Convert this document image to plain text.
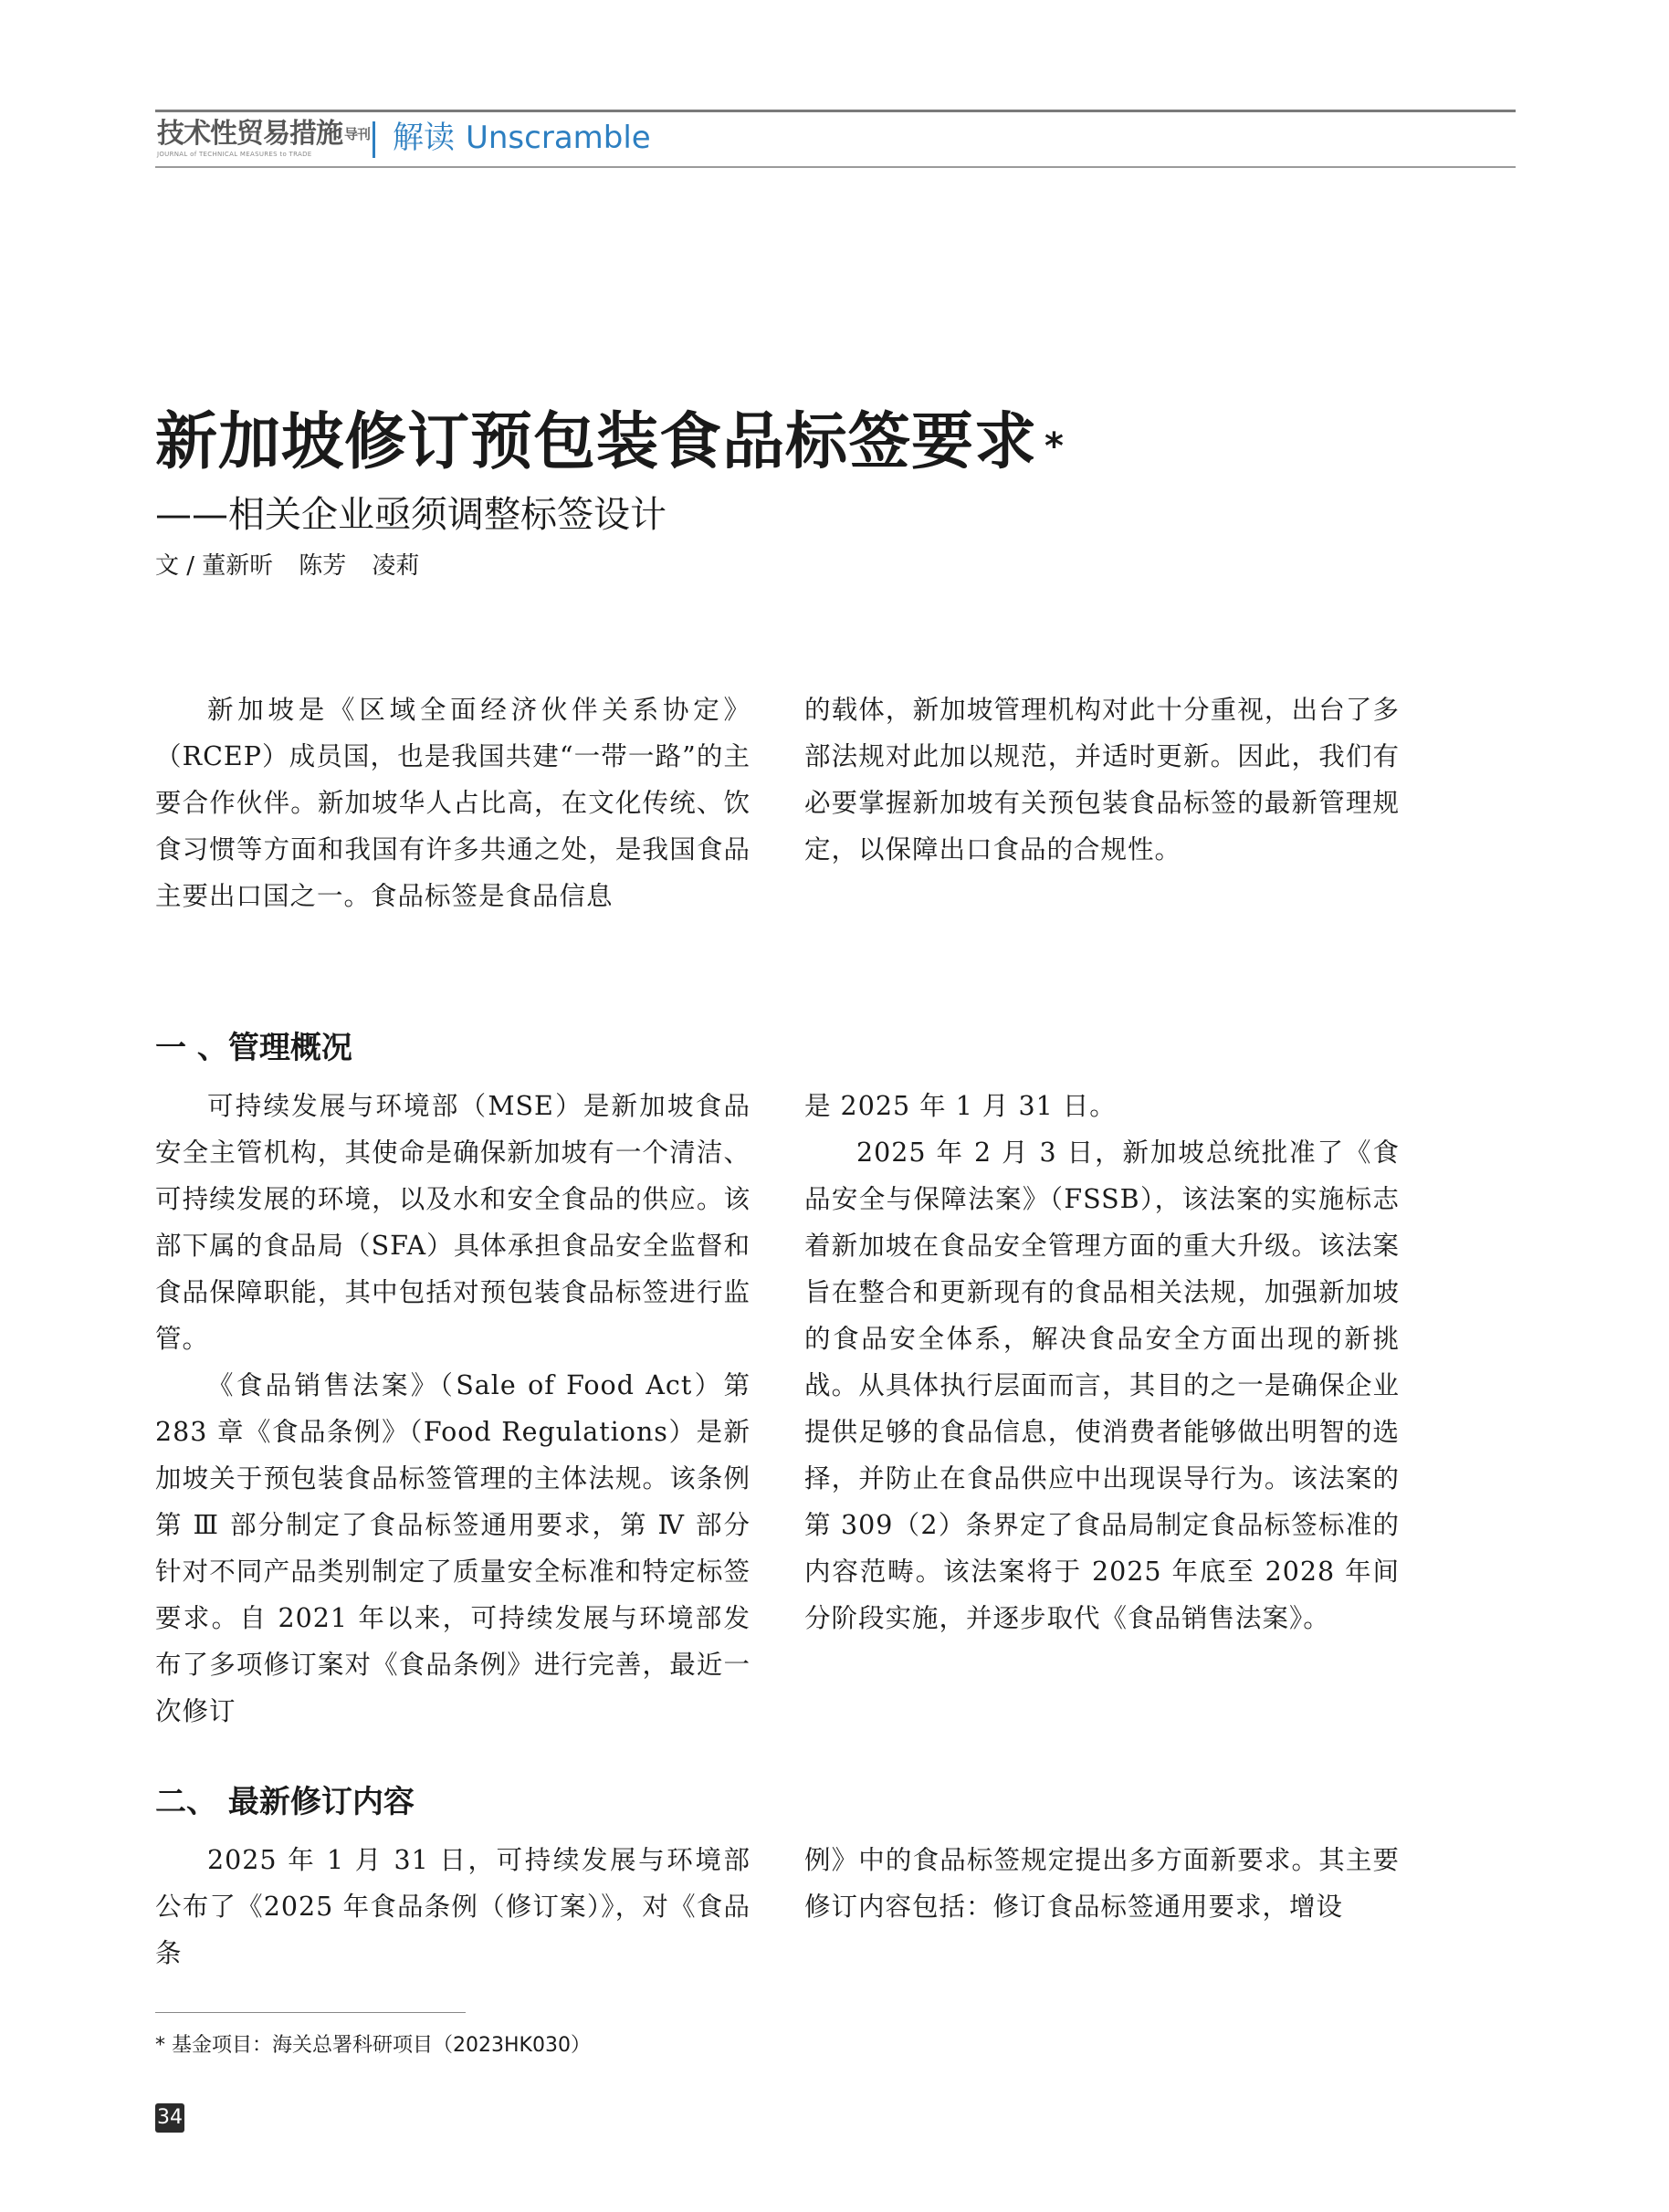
技术性贸易措施 导刊
JOURNAL of TECHNICAL MEASURES to TRADE	解读 Unscramble
新加坡修订预包装食品标签要求 *
——相关企业亟须调整标签设计
文 / 董新昕 陈芳 凌莉

新加坡是《区域全面经济伙伴关系协定》（RCEP）成员国，也是我国共建“一带一路”的主要合作伙伴。新加坡华人占比高，在文化传统、饮食习惯等方面和我国有许多共通之处，是我国食品主要出口国之一。食品标签是食品信息

的载体，新加坡管理机构对此十分重视，出台了多部法规对此加以规范，并适时更新。因此，我们有必要掌握新加坡有关预包装食品标签的最新管理规定，以保障出口食品的合规性。

一 、管理概况

可持续发展与环境部（MSE）是新加坡食品安全主管机构，其使命是确保新加坡有一个清洁、可持续发展的环境，以及水和安全食品的供应。该部下属的食品局（SFA）具体承担食品安全监督和食品保障职能，其中包括对预包装食品标签进行监管。

《食品销售法案》（Sale of Food Act）第 283 章《食品条例》（Food Regulations）是新加坡关于预包装食品标签管理的主体法规。该条例第 Ⅲ 部分制定了食品标签通用要求，第 Ⅳ 部分针对不同产品类别制定了质量安全标准和特定标签要求。自 2021 年以来，可持续发展与环境部发布了多项修订案对《食品条例》进行完善，最近一次修订

是 2025 年 1 月 31 日。

2025 年 2 月 3 日，新加坡总统批准了《食品安全与保障法案》（FSSB），该法案的实施标志着新加坡在食品安全管理方面的重大升级。该法案旨在整合和更新现有的食品相关法规，加强新加坡的食品安全体系，解决食品安全方面出现的新挑战。从具体执行层面而言，其目的之一是确保企业提供足够的食品信息，使消费者能够做出明智的选择，并防止在食品供应中出现误导行为。该法案的第 309（2）条界定了食品局制定食品标签标准的内容范畴。该法案将于 2025 年底至 2028 年间分阶段实施，并逐步取代《食品销售法案》。

二、 最新修订内容

2025 年 1 月 31 日，可持续发展与环境部公布了《2025 年食品条例（修订案）》，对《食品条

例》中的食品标签规定提出多方面新要求。其主要修订内容包括：修订食品标签通用要求，增设

* 基金项目：海关总署科研项目（2023HK030）
34
